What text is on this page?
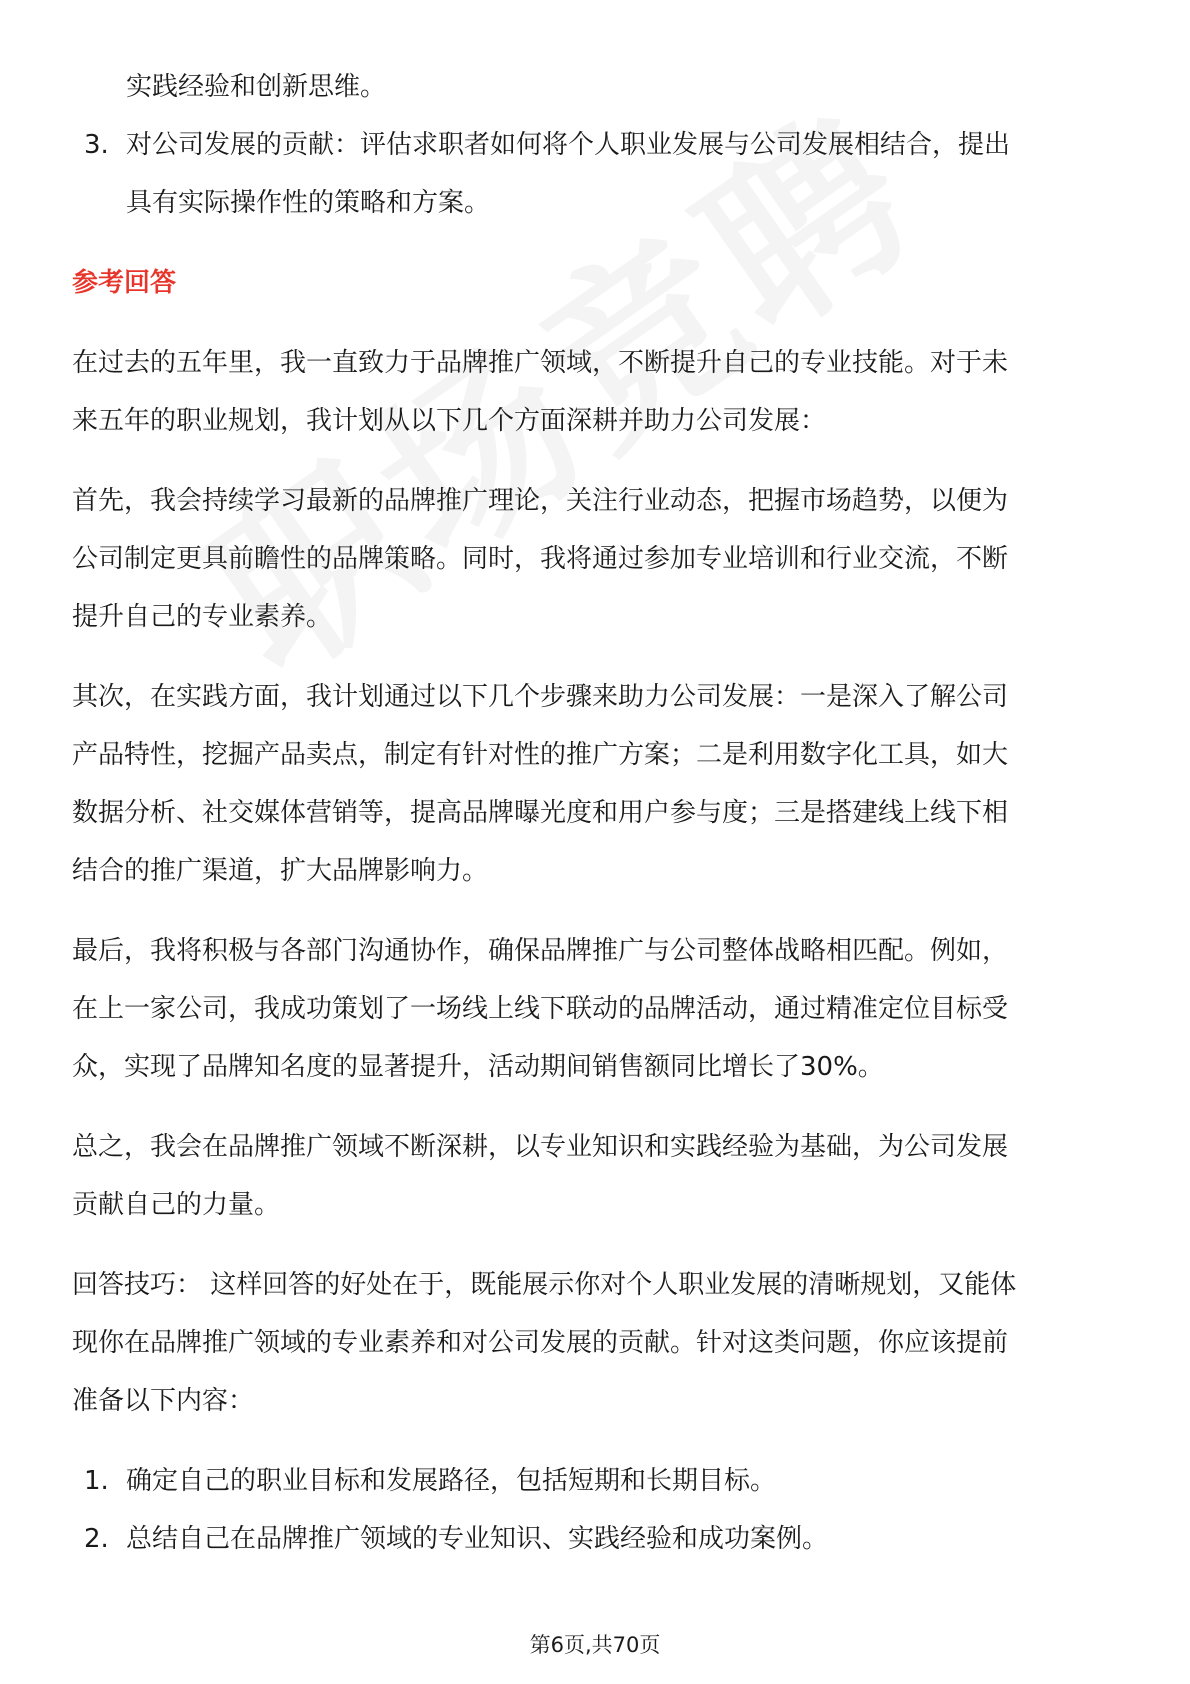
实践经验和创新思维。
3. 对公司发展的贡献：评估求职者如何将个人职业发展与公司发展相结合，提出
具有实际操作性的策略和方案。
参考回答
在过去的五年里，我一直致力于品牌推广领域，不断提升自己的专业技能。对于未
来五年的职业规划，我计划从以下几个方面深耕并助力公司发展：
首先，我会持续学习最新的品牌推广理论，关注行业动态，把握市场趋势，以便为
公司制定更具前瞻性的品牌策略。同时，我将通过参加专业培训和行业交流，不断
提升自己的专业素养。
其次，在实践方面，我计划通过以下几个步骤来助力公司发展：一是深入了解公司
产品特性，挖掘产品卖点，制定有针对性的推广方案；二是利用数字化工具，如大
数据分析、社交媒体营销等，提高品牌曝光度和用户参与度；三是搭建线上线下相
结合的推广渠道，扩大品牌影响力。
最后，我将积极与各部门沟通协作，确保品牌推广与公司整体战略相匹配。例如，
在上一家公司，我成功策划了一场线上线下联动的品牌活动，通过精准定位目标受
众，实现了品牌知名度的显著提升，活动期间销售额同比增长了30%。
总之，我会在品牌推广领域不断深耕，以专业知识和实践经验为基础，为公司发展
贡献自己的力量。
回答技巧： 这样回答的好处在于，既能展示你对个人职业发展的清晰规划，又能体
现你在品牌推广领域的专业素养和对公司发展的贡献。针对这类问题，你应该提前
准备以下内容：
1. 确定自己的职业目标和发展路径，包括短期和长期目标。
2. 总结自己在品牌推广领域的专业知识、实践经验和成功案例。
第6页,共70页
